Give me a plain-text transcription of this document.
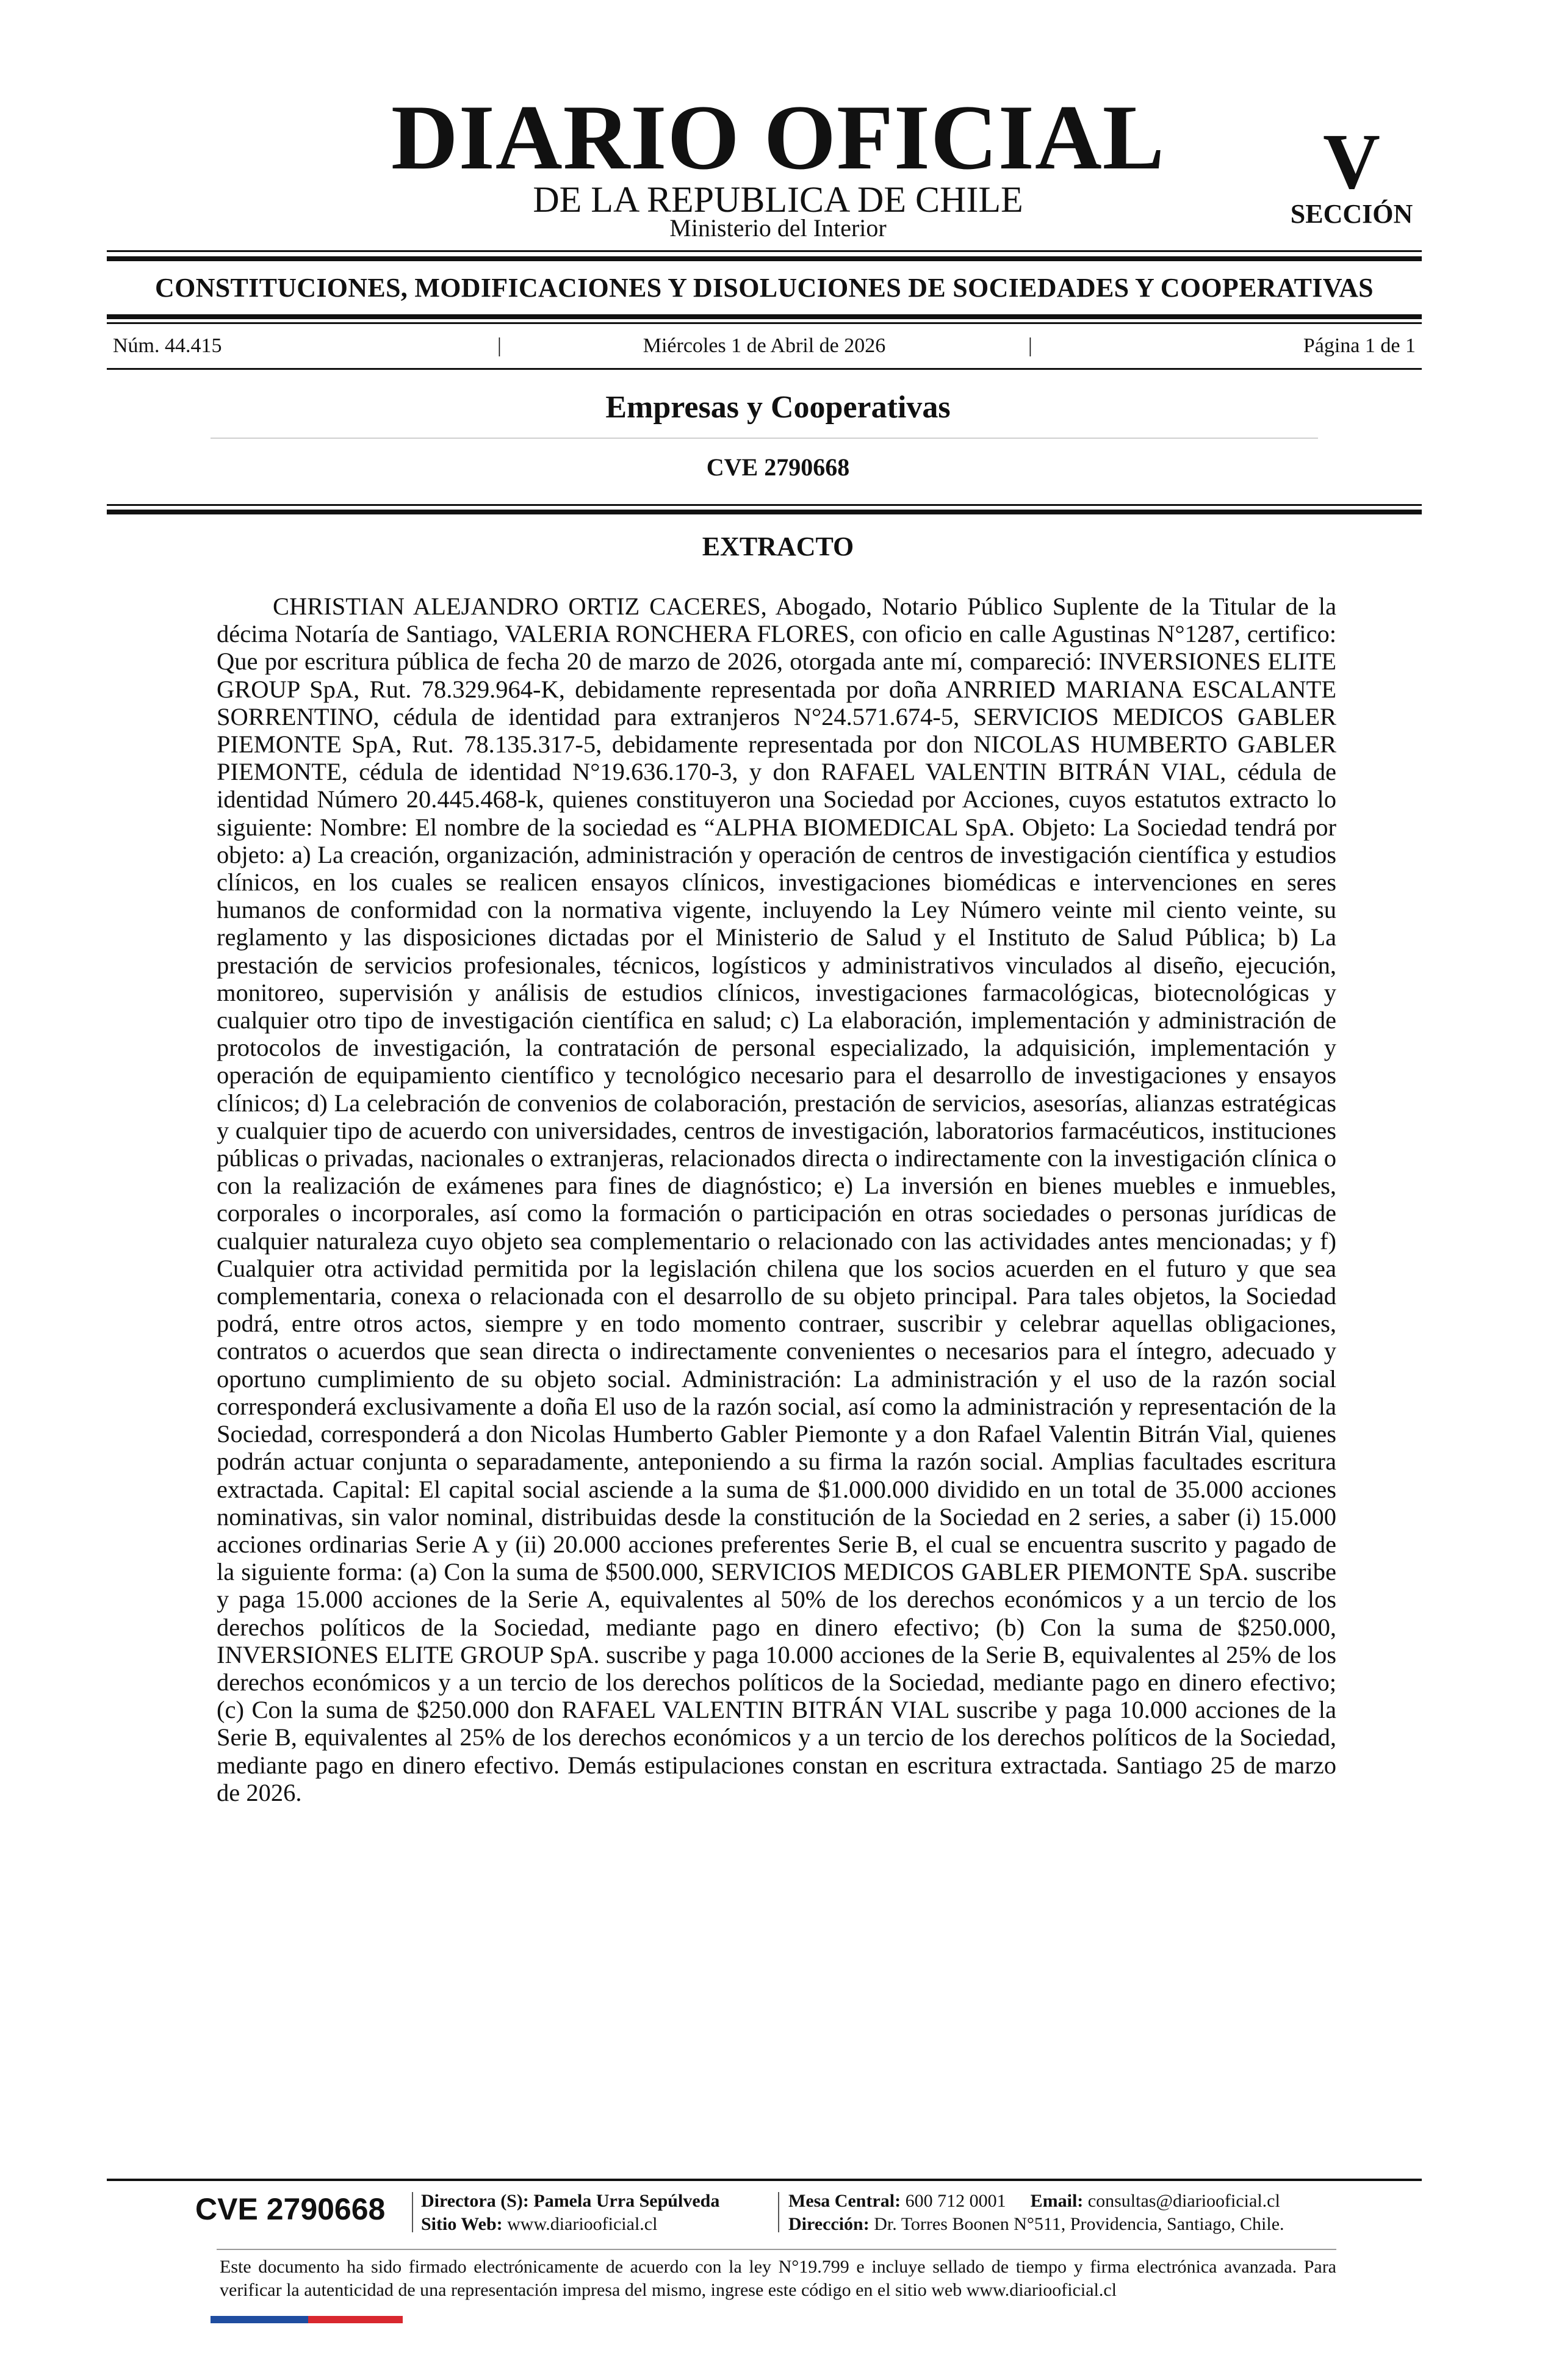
DIARIO OFICIAL
DE LA REPUBLICA DE CHILE
Ministerio del Interior
V
SECCIÓN
CONSTITUCIONES, MODIFICACIONES Y DISOLUCIONES DE SOCIEDADES Y COOPERATIVAS
Núm. 44.415	|	Miércoles 1 de Abril de 2026	|	Página 1 de 1
Empresas y Cooperativas
CVE 2790668
EXTRACTO

CHRISTIAN ALEJANDRO ORTIZ CACERES, Abogado, Notario Público Suplente de la Titular de la décima Notaría de Santiago, VALERIA RONCHERA FLORES, con oficio en calle Agustinas N°1287, certifico: Que por escritura pública de fecha 20 de marzo de 2026, otorgada ante mí, compareció: INVERSIONES ELITE GROUP SpA, Rut. 78.329.964-K, debidamente representada por doña ANRRIED MARIANA ESCALANTE SORRENTINO, cédula de identidad para extranjeros N°24.571.674-5, SERVICIOS MEDICOS GABLER PIEMONTE SpA, Rut. 78.135.317-5, debidamente representada por don NICOLAS HUMBERTO GABLER PIEMONTE, cédula de identidad N°19.636.170-3, y don RAFAEL VALENTIN BITRÁN VIAL, cédula de identidad Número 20.445.468-k, quienes constituyeron una Sociedad por Acciones, cuyos estatutos extracto lo siguiente: Nombre: El nombre de la sociedad es “ALPHA BIOMEDICAL SpA. Objeto: La Sociedad tendrá por objeto: a) La creación, organización, administración y operación de centros de investigación científica y estudios clínicos, en los cuales se realicen ensayos clínicos, investigaciones biomédicas e intervenciones en seres humanos de conformidad con la normativa vigente, incluyendo la Ley Número veinte mil ciento veinte, su reglamento y las disposiciones dictadas por el Ministerio de Salud y el Instituto de Salud Pública; b) La prestación de servicios profesionales, técnicos, logísticos y administrativos vinculados al diseño, ejecución, monitoreo, supervisión y análisis de estudios clínicos, investigaciones farmacológicas, biotecnológicas y cualquier otro tipo de investigación científica en salud; c) La elaboración, implementación y administración de protocolos de investigación, la contratación de personal especializado, la adquisición, implementación y operación de equipamiento científico y tecnológico necesario para el desarrollo de investigaciones y ensayos clínicos; d) La celebración de convenios de colaboración, prestación de servicios, asesorías, alianzas estratégicas y cualquier tipo de acuerdo con universidades, centros de investigación, laboratorios farmacéuticos, instituciones públicas o privadas, nacionales o extranjeras, relacionados directa o indirectamente con la investigación clínica o con la realización de exámenes para fines de diagnóstico; e) La inversión en bienes muebles e inmuebles, corporales o incorporales, así como la formación o participación en otras sociedades o personas jurídicas de cualquier naturaleza cuyo objeto sea complementario o relacionado con las actividades antes mencionadas; y f) Cualquier otra actividad permitida por la legislación chilena que los socios acuerden en el futuro y que sea complementaria, conexa o relacionada con el desarrollo de su objeto principal. Para tales objetos, la Sociedad podrá, entre otros actos, siempre y en todo momento contraer, suscribir y celebrar aquellas obligaciones, contratos o acuerdos que sean directa o indirectamente convenientes o necesarios para el íntegro, adecuado y oportuno cumplimiento de su objeto social. Administración: La administración y el uso de la razón social corresponderá exclusivamente a doña El uso de la razón social, así como la administración y representación de la Sociedad, corresponderá a don Nicolas Humberto Gabler Piemonte y a don Rafael Valentin Bitrán Vial, quienes podrán actuar conjunta o separadamente, anteponiendo a su firma la razón social. Amplias facultades escritura extractada. Capital: El capital social asciende a la suma de $1.000.000 dividido en un total de 35.000 acciones nominativas, sin valor nominal, distribuidas desde la constitución de la Sociedad en 2 series, a saber (i) 15.000 acciones ordinarias Serie A y (ii) 20.000 acciones preferentes Serie B, el cual se encuentra suscrito y pagado de la siguiente forma: (a) Con la suma de $500.000, SERVICIOS MEDICOS GABLER PIEMONTE SpA. suscribe y paga 15.000 acciones de la Serie A, equivalentes al 50% de los derechos económicos y a un tercio de los derechos políticos de la Sociedad, mediante pago en dinero efectivo; (b) Con la suma de $250.000, INVERSIONES ELITE GROUP SpA. suscribe y paga 10.000 acciones de la Serie B, equivalentes al 25% de los derechos económicos y a un tercio de los derechos políticos de la Sociedad, mediante pago en dinero efectivo; (c) Con la suma de $250.000 don RAFAEL VALENTIN BITRÁN VIAL suscribe y paga 10.000 acciones de la Serie B, equivalentes al 25% de los derechos económicos y a un tercio de los derechos políticos de la Sociedad, mediante pago en dinero efectivo. Demás estipulaciones constan en escritura extractada. Santiago 25 de marzo de 2026.

CVE 2790668 Directora (S): Pamela Urra Sepúlveda
Sitio Web: www.diariooficial.cl
Mesa Central: 600 712 0001 Email: consultas@diariooficial.cl
Dirección: Dr. Torres Boonen N°511, Providencia, Santiago, Chile.
Este documento ha sido firmado electrónicamente de acuerdo con la ley N°19.799 e incluye sellado de tiempo y firma electrónica avanzada. Para verificar la autenticidad de una representación impresa del mismo, ingrese este código en el sitio web www.diariooficial.cl
